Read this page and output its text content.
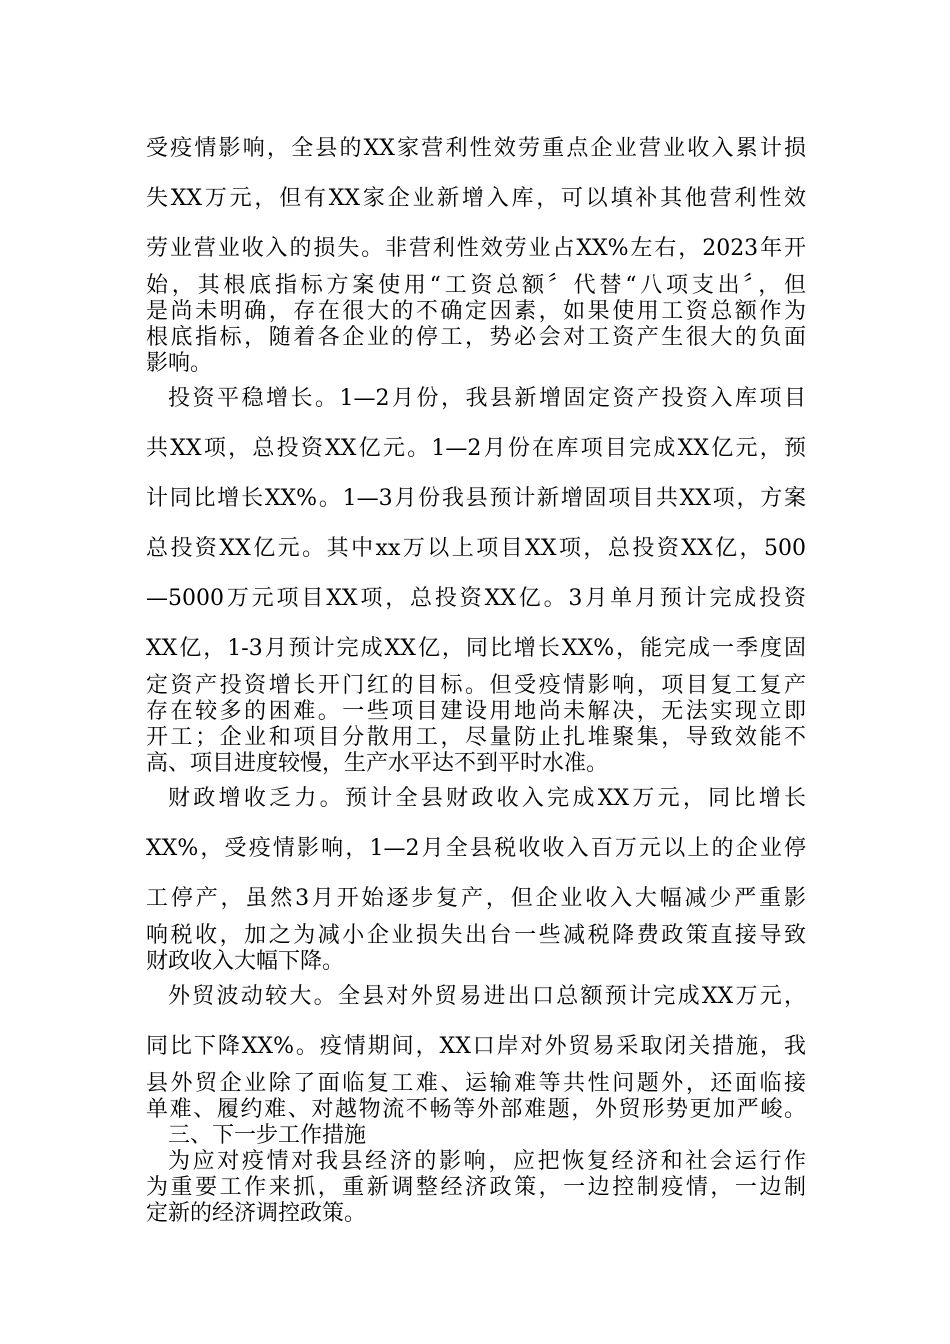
受疫情影响，全县的XX家营利性效劳重点企业营业收入累计损
失XX万元，但有XX家企业新增入库，可以填补其他营利性效
劳业营业收入的损失。非营利性效劳业占XX%左右，2023年开
始，其根底指标方案使用“工资总额〞代替“八项支出〞，但
是尚未明确，存在很大的不确定因素，如果使用工资总额作为
根底指标，随着各企业的停工，势必会对工资产生很大的负面
影响。
投资平稳增长。1—2月份，我县新增固定资产投资入库项目
共XX项，总投资XX亿元。1—2月份在库项目完成XX亿元，预
计同比增长XX%。1—3月份我县预计新增固项目共XX项，方案
总投资XX亿元。其中xx万以上项目XX项，总投资XX亿，500
—5000万元项目XX项，总投资XX亿。3月单月预计完成投资
XX亿，1-3月预计完成XX亿，同比增长XX%，能完成一季度固
定资产投资增长开门红的目标。但受疫情影响，项目复工复产
存在较多的困难。一些项目建设用地尚未解决，无法实现立即
开工；企业和项目分散用工，尽量防止扎堆聚集，导致效能不
高、项目进度较慢，生产水平达不到平时水准。
财政增收乏力。预计全县财政收入完成XX万元，同比增长
XX%，受疫情影响，1—2月全县税收收入百万元以上的企业停
工停产，虽然3月开始逐步复产，但企业收入大幅减少严重影
响税收，加之为减小企业损失出台一些减税降费政策直接导致
财政收入大幅下降。
外贸波动较大。全县对外贸易进出口总额预计完成XX万元，
同比下降XX%。疫情期间，XX口岸对外贸易采取闭关措施，我
县外贸企业除了面临复工难、运输难等共性问题外，还面临接
单难、履约难、对越物流不畅等外部难题，外贸形势更加严峻。
三、下一步工作措施
为应对疫情对我县经济的影响，应把恢复经济和社会运行作
为重要工作来抓，重新调整经济政策，一边控制疫情，一边制
定新的经济调控政策。
